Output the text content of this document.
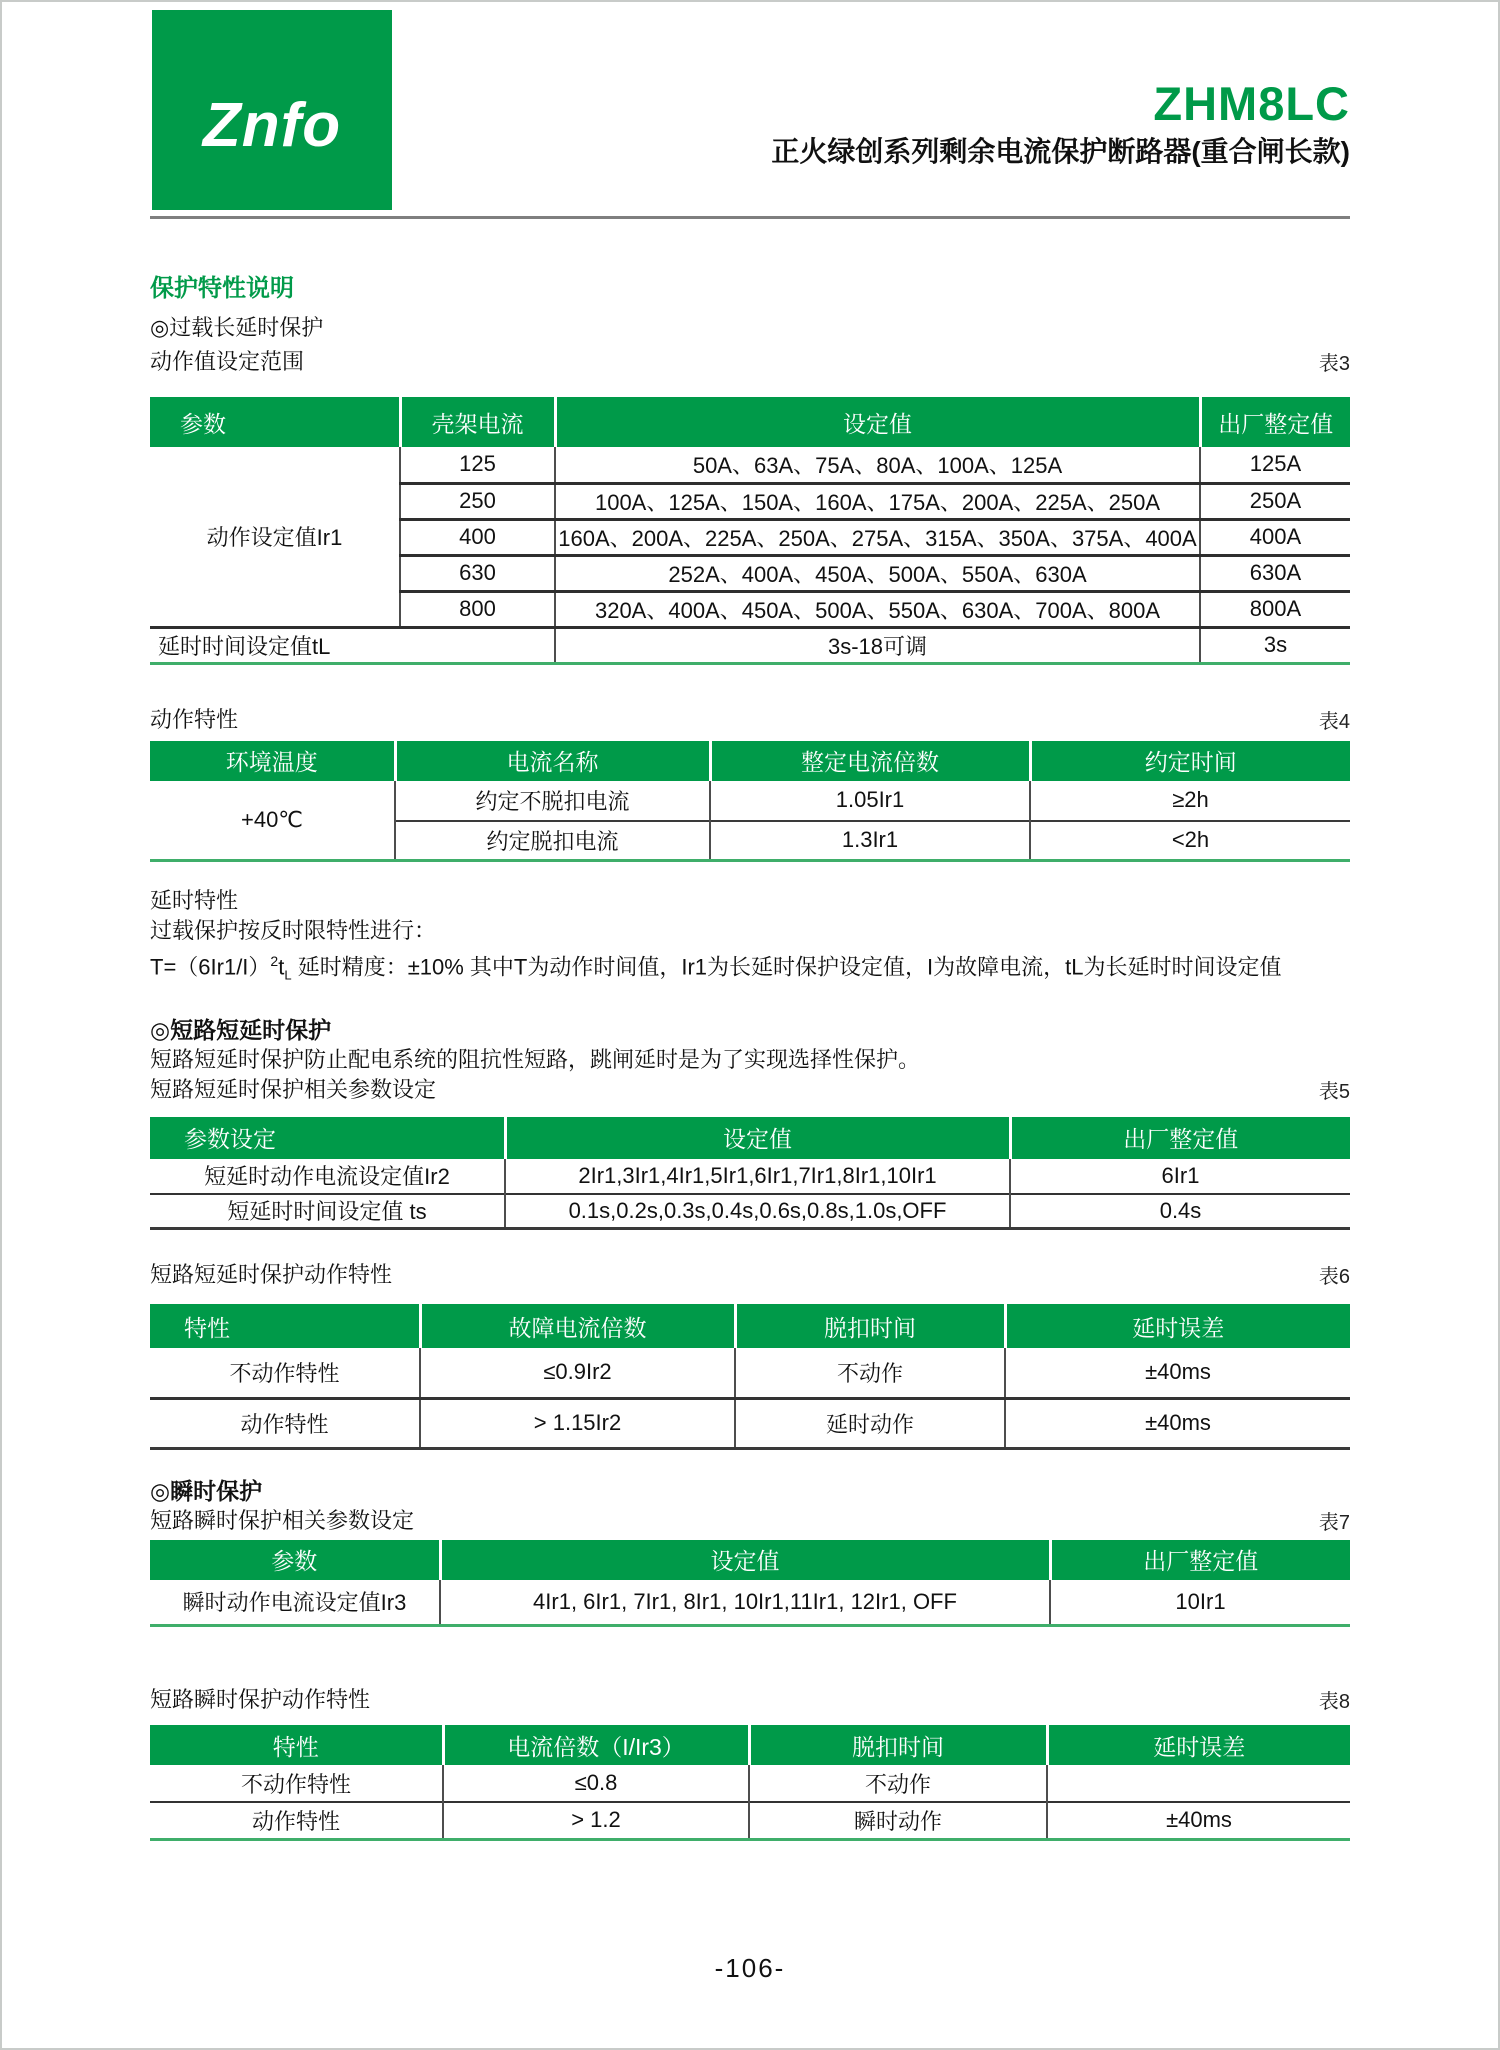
Znfo	ZHM8LC
正火绿创系列剩余电流保护断路器(重合闸长款)
保护特性说明
◎过载长延时保护
动作值设定范围	表3
参数	壳架电流	设定值	出厂整定值
动作设定值Ir1	125	50A、63A、75A、80A、100A、125A	125A
	250	100A、125A、150A、160A、175A、200A、225A、250A	250A
	400	160A、200A、225A、250A、275A、315A、350A、375A、400A	400A
	630	252A、400A、450A、500A、550A、630A	630A
	800	320A、400A、450A、500A、550A、630A、700A、800A	800A
延时时间设定值tL		3s-18可调	3s
动作特性	表4
环境温度	电流名称	整定电流倍数	约定时间
+40℃	约定不脱扣电流	1.05Ir1	≥2h
	约定脱扣电流	1.3Ir1	<2h
延时特性
过载保护按反时限特性进行：
$T=(6Ir1/I)^2t_L$ 延时精度：±10% 其中T为动作时间值，Ir1为长延时保护设定值，I为故障电流，tL为长延时时间设定值
◎短路短延时保护
短路短延时保护防止配电系统的阻抗性短路，跳闸延时是为了实现选择性保护。
短路短延时保护相关参数设定	表5
参数设定	设定值	出厂整定值
短延时动作电流设定值Ir2	2Ir1,3Ir1,4Ir1,5Ir1,6Ir1,7Ir1,8Ir1,10Ir1	6Ir1
短延时时间设定值 ts	0.1s,0.2s,0.3s,0.4s,0.6s,0.8s,1.0s,OFF	0.4s
短路短延时保护动作特性	表6
特性	故障电流倍数	脱扣时间	延时误差
不动作特性	≤0.9Ir2	不动作	±40ms
动作特性	> 1.15Ir2	延时动作	±40ms
◎瞬时保护
短路瞬时保护相关参数设定	表7
参数	设定值	出厂整定值
瞬时动作电流设定值Ir3	4Ir1, 6Ir1, 7Ir1, 8Ir1, 10Ir1,11Ir1, 12Ir1, OFF	10Ir1
短路瞬时保护动作特性	表8
特性	电流倍数（I/Ir3）	脱扣时间	延时误差
不动作特性	≤0.8	不动作	
动作特性	> 1.2	瞬时动作	±40ms
-106-
